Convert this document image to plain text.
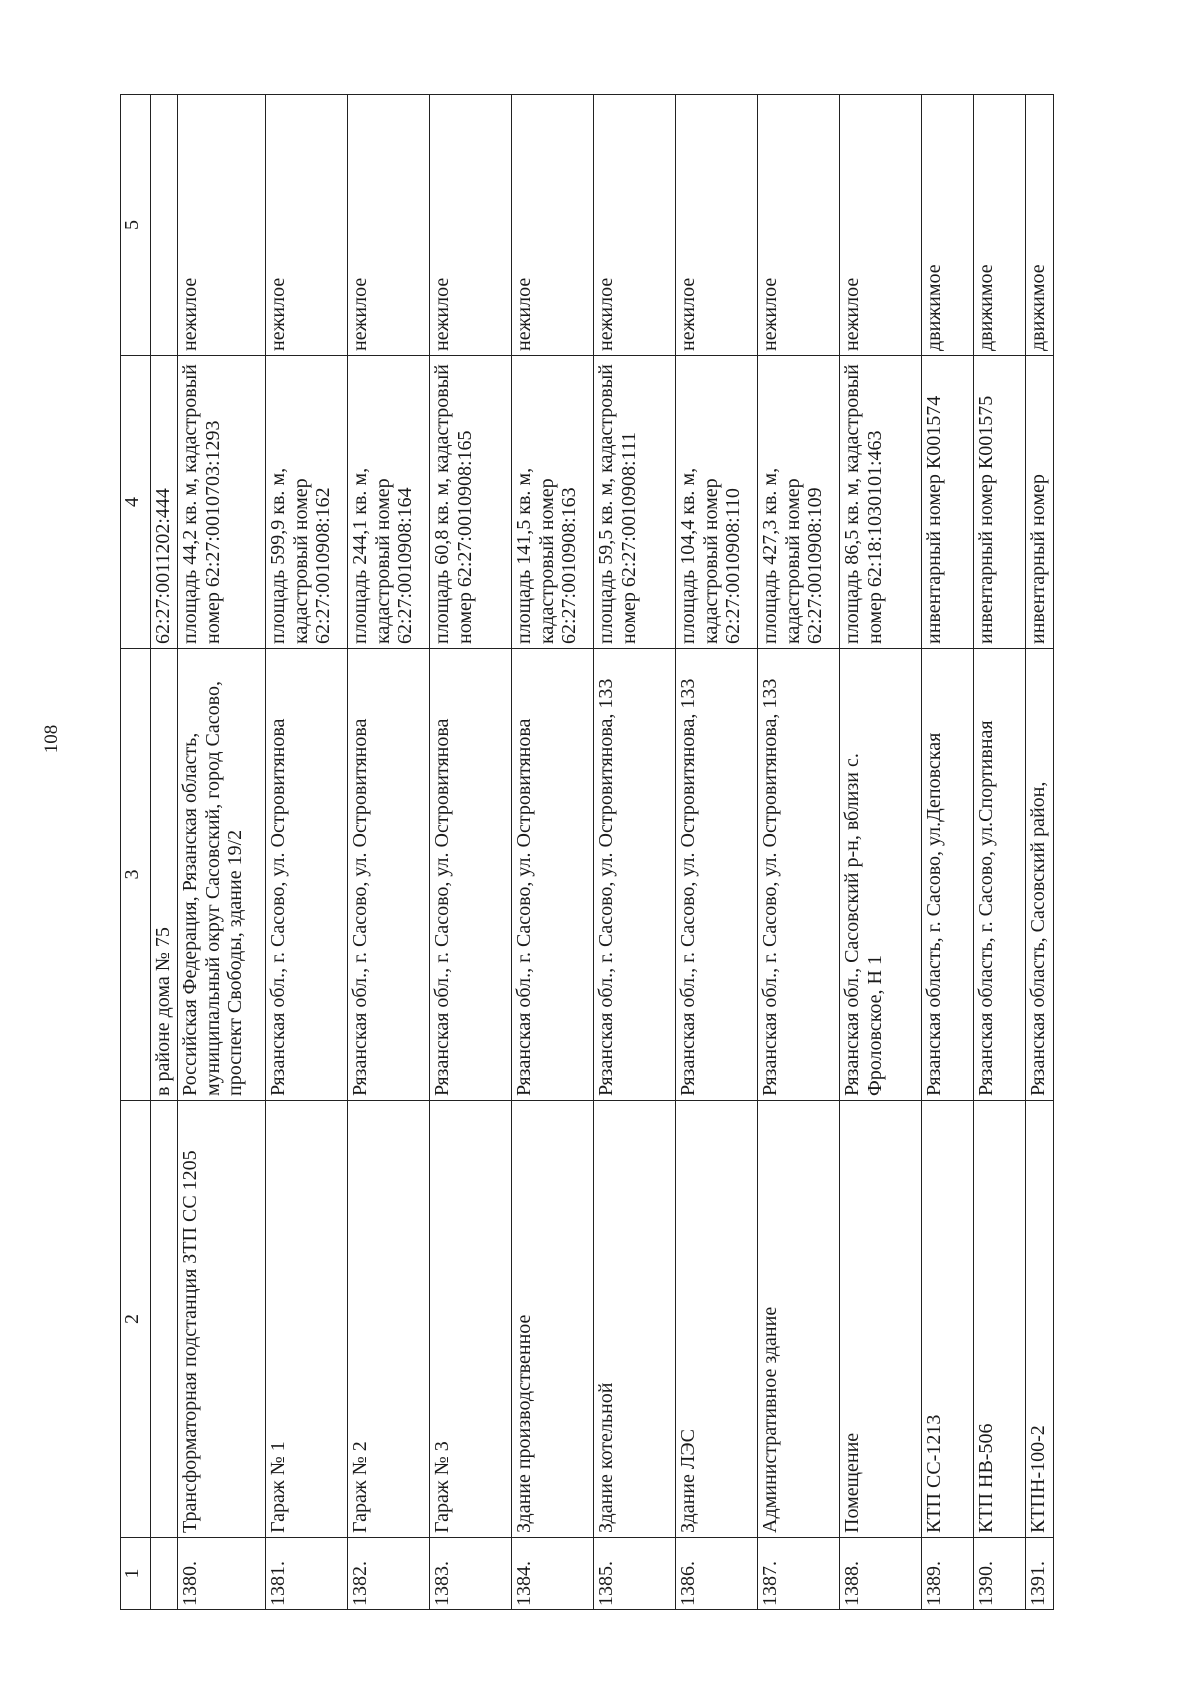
108
1	2	3	4	5
		в районе дома № 75	62:27:0011202:444	
1380.	Трансформаторная подстанция ЗТП СС 1205	Российская Федерация, Рязанская область, муниципальный округ Сасовский, город Сасово, проспект Свободы, здание 19/2	площадь 44,2 кв. м, кадастровый номер 62:27:0010703:1293	нежилое
1381.	Гараж № 1	Рязанская обл., г. Сасово, ул. Островитянова	площадь 599,9 кв. м, кадастровый номер 62:27:0010908:162	нежилое
1382.	Гараж № 2	Рязанская обл., г. Сасово, ул. Островитянова	площадь 244,1 кв. м, кадастровый номер 62:27:0010908:164	нежилое
1383.	Гараж № 3	Рязанская обл., г. Сасово, ул. Островитянова	площадь 60,8 кв. м, кадастровый номер 62:27:0010908:165	нежилое
1384.	Здание производственное	Рязанская обл., г. Сасово, ул. Островитянова	площадь 141,5 кв. м, кадастровый номер 62:27:0010908:163	нежилое
1385.	Здание котельной	Рязанская обл., г. Сасово, ул. Островитянова, 133	площадь 59,5 кв. м, кадастровый номер 62:27:0010908:111	нежилое
1386.	Здание ЛЭС	Рязанская обл., г. Сасово, ул. Островитянова, 133	площадь 104,4 кв. м, кадастровый номер 62:27:0010908:110	нежилое
1387.	Административное здание	Рязанская обл., г. Сасово, ул. Островитянова, 133	площадь 427,3 кв. м, кадастровый номер 62:27:0010908:109	нежилое
1388.	Помещение	Рязанская обл., Сасовский р-н, вблизи с. Фроловское, Н 1	площадь 86,5 кв. м, кадастровый номер 62:18:1030101:463	нежилое
1389.	КТП СС-1213	Рязанская область, г. Сасово, ул.Деповская	инвентарный номер К001574	движимое
1390.	КТП НВ-506	Рязанская область, г. Сасово, ул.Спортивная	инвентарный номер К001575	движимое
1391.	КТПН-100-2	Рязанская область, Сасовский район,	инвентарный номер	движимое
